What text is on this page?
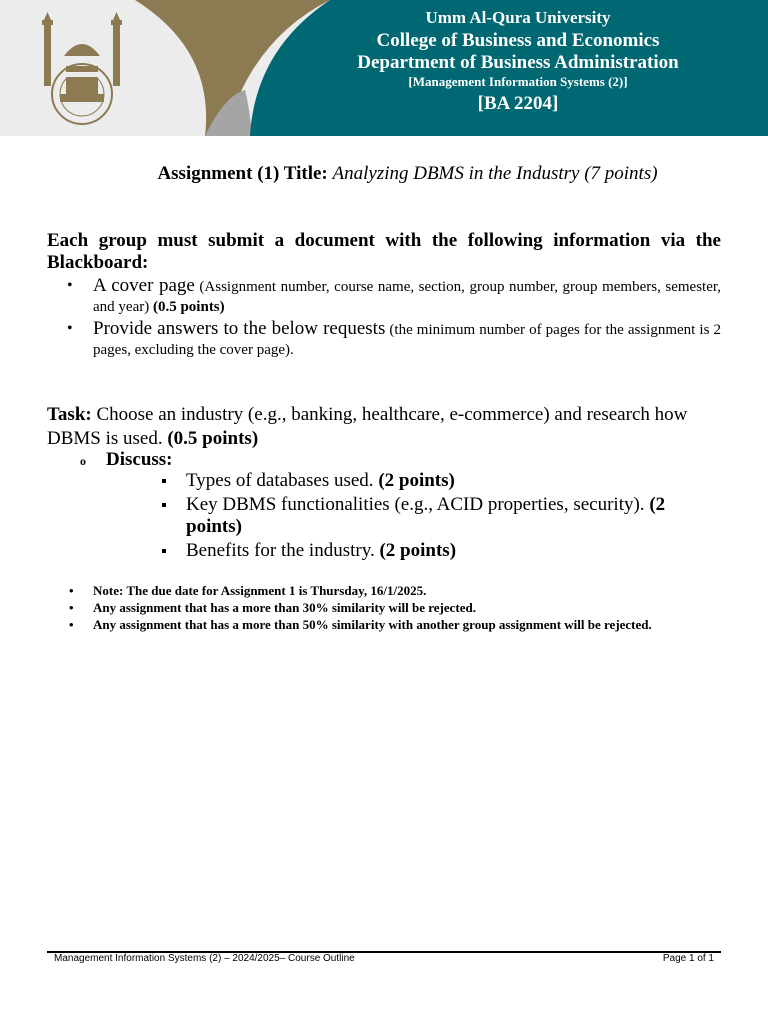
Umm Al-Qura University
College of Business and Economics
Department of Business Administration
[Management Information Systems (2)]
[BA 2204]
Assignment (1) Title: Analyzing DBMS in the Industry (7 points)
Each group must submit a document with the following information via the Blackboard:
• A cover page (Assignment number, course name, section, group number, group members, semester, and year) (0.5 points)
• Provide answers to the below requests (the minimum number of pages for the assignment is 2 pages, excluding the cover page).
Task: Choose an industry (e.g., banking, healthcare, e-commerce) and research how DBMS is used. (0.5 points)
o Discuss:
Types of databases used. (2 points)
Key DBMS functionalities (e.g., ACID properties, security). (2 points)
Benefits for the industry. (2 points)
• Note: The due date for Assignment 1 is Thursday, 16/1/2025.
• Any assignment that has a more than 30% similarity will be rejected.
• Any assignment that has a more than 50% similarity with another group assignment will be rejected.
Management Information Systems (2) – 2024/2025– Course Outline	Page 1 of 1
